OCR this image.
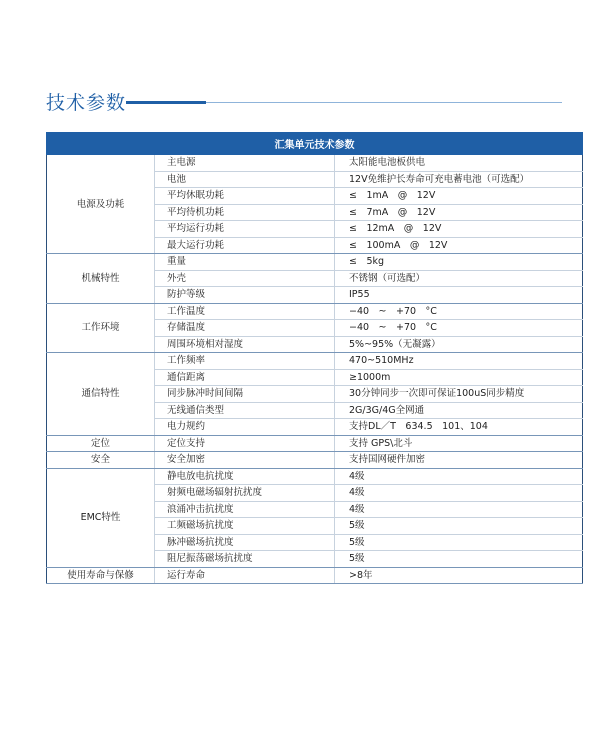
技术参数
汇集单元技术参数		
电源及功耗	主电源	太阳能电池板供电
	电池	12V免维护长寿命可充电蓄电池（可选配）
	平均休眠功耗	≤　1mA　@　12V
	平均待机功耗	≤　7mA　@　12V
	平均运行功耗	≤　12mA　@　12V
	最大运行功耗	≤　100mA　@　12V
机械特性	重量	≤　5kg
	外壳	不锈钢（可选配）
	防护等级	IP55
工作环境	工作温度	−40　~　+70　°C
	存储温度	−40　~　+70　°C
	周围环境相对湿度	5%~95%（无凝露）
通信特性	工作频率	470~510MHz
	通信距离	≥1000m
	同步脉冲时间间隔	30分钟同步一次即可保证100uS同步精度
	无线通信类型	2G/3G/4G全网通
	电力规约	支持DL／T　634.5　101、104
定位	定位支持	支持 GPS\北斗
安全	安全加密	支持国网硬件加密
EMC特性	静电放电抗扰度	4级
	射频电磁场辐射抗扰度	4级
	浪涌冲击抗扰度	4级
	工频磁场抗扰度	5级
	脉冲磁场抗扰度	5级
	阻尼振荡磁场抗扰度	5级
使用寿命与保修	运行寿命	>8年
